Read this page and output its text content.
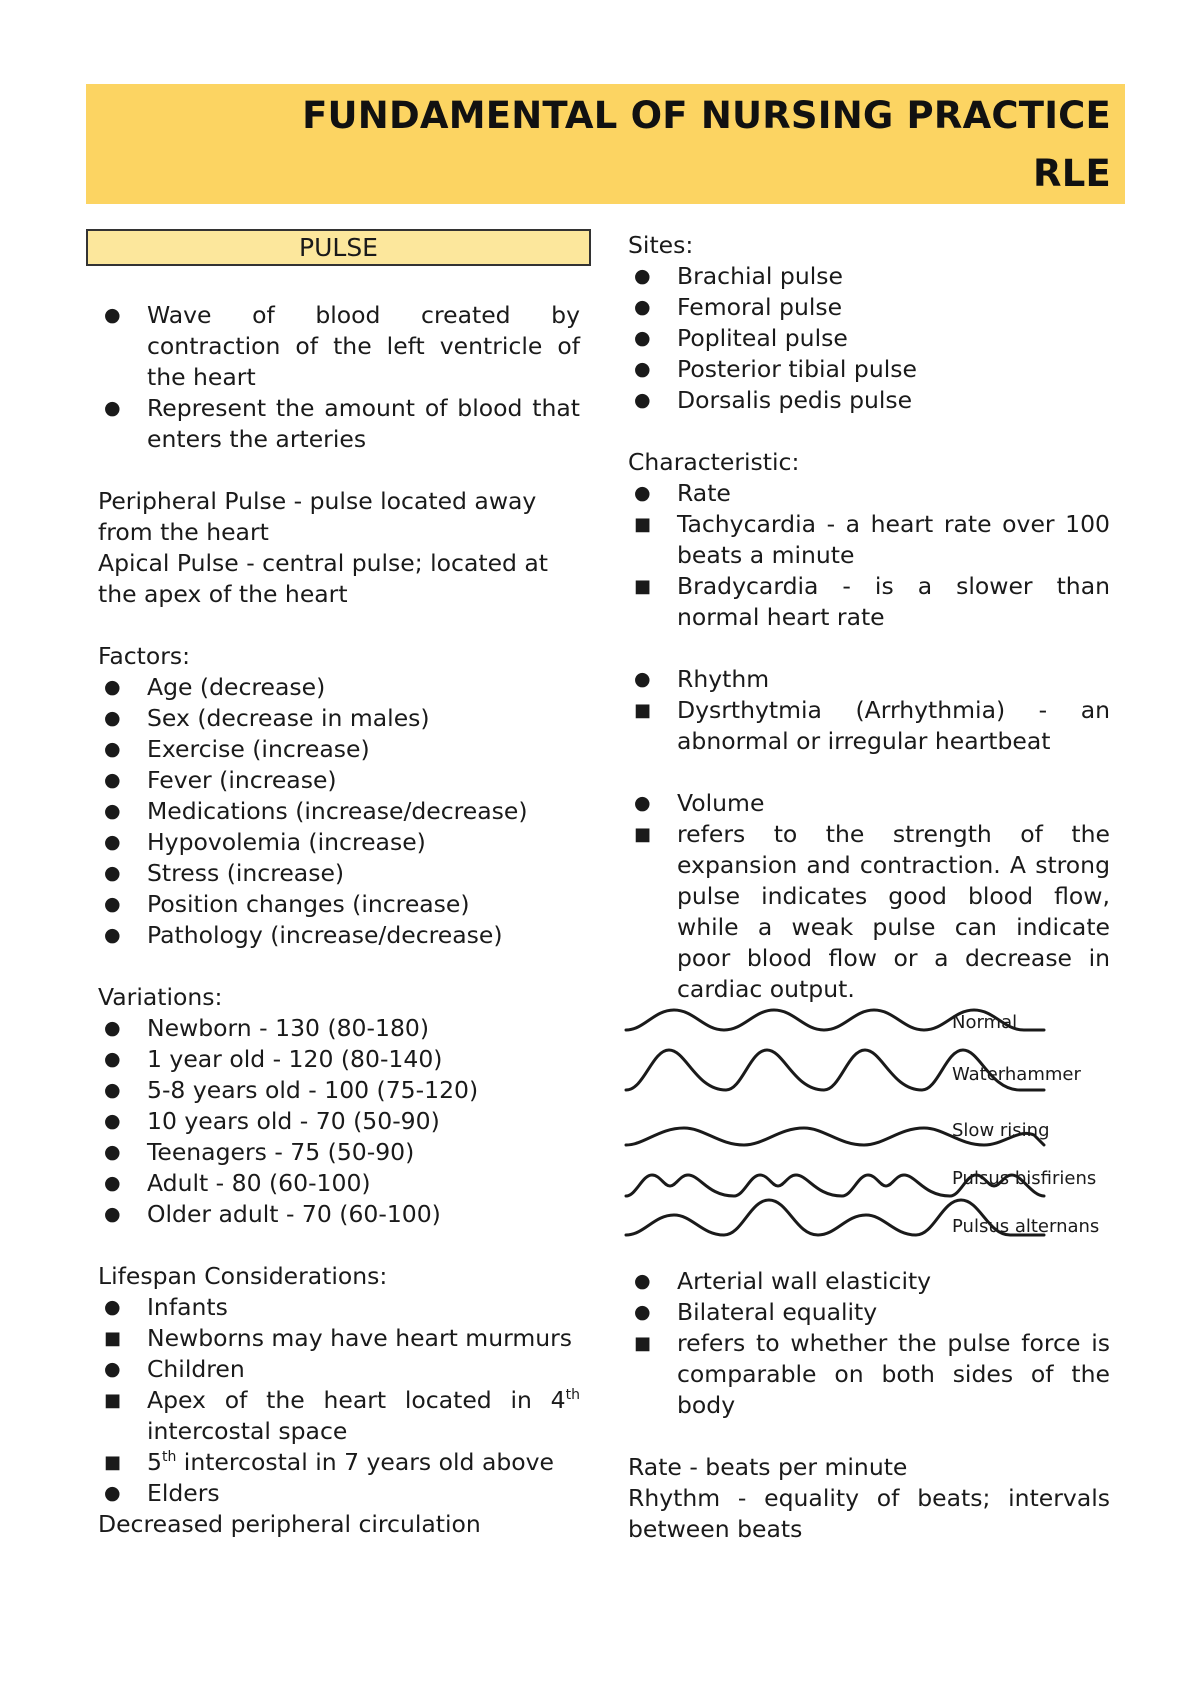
FUNDAMENTAL OF NURSING PRACTICE
RLE
PULSE

● Wave of blood created by contraction of the left ventricle of the heart

● Represent the amount of blood that enters the arteries

Peripheral Pulse - pulse located away from the heart

Apical Pulse - central pulse; located at the apex of the heart

Factors:

● Age (decrease)

● Sex (decrease in males)

● Exercise (increase)

● Fever (increase)

● Medications (increase/decrease)

● Hypovolemia (increase)

● Stress (increase)

● Position changes (increase)

● Pathology (increase/decrease)

Variations:

● Newborn - 130 (80-180)

● 1 year old - 120 (80-140)

● 5-8 years old - 100 (75-120)

● 10 years old - 70 (50-90)

● Teenagers - 75 (50-90)

● Adult - 80 (60-100)

● Older adult - 70 (60-100)

Lifespan Considerations:

● Infants

■ Newborns may have heart murmurs

● Children

■ Apex of the heart located in 4th intercostal space

■ 5th intercostal in 7 years old above

● Elders

Decreased peripheral circulation

Sites:

● Brachial pulse

● Femoral pulse

● Popliteal pulse

● Posterior tibial pulse

● Dorsalis pedis pulse

Characteristic:

● Rate

■ Tachycardia - a heart rate over 100 beats a minute

■ Bradycardia - is a slower than normal heart rate

● Rhythm

■ Dysrthytmia (Arrhythmia) - an abnormal or irregular heartbeat

● Volume

■ refers to the strength of the expansion and contraction. A strong pulse indicates good blood flow, while a weak pulse can indicate poor blood flow or a decrease in cardiac output.

Normal
Waterhammer
Slow rising
Pulsus bisfiriens
Pulsus alternans

● Arterial wall elasticity

● Bilateral equality

■ refers to whether the pulse force is comparable on both sides of the body

Rate - beats per minute

Rhythm - equality of beats; intervals between beats
